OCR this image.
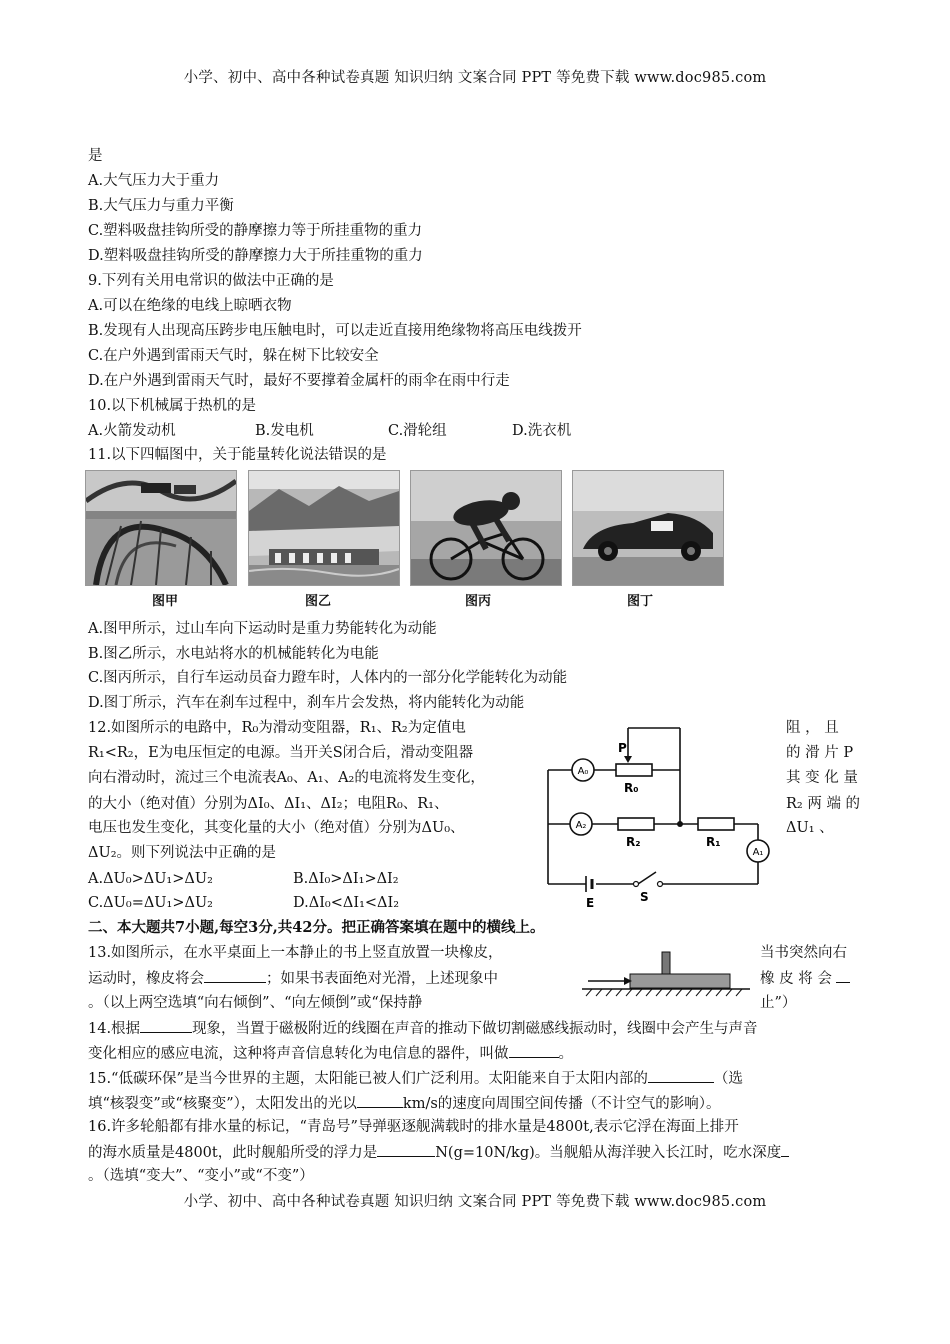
小学、初中、高中各种试卷真题 知识归纳 文案合同 PPT 等免费下载 www.doc985.com
是
A.大气压力大于重力
B.大气压力与重力平衡
C.塑料吸盘挂钩所受的静摩擦力等于所挂重物的重力
D.塑料吸盘挂钩所受的静摩擦力大于所挂重物的重力
9.下列有关用电常识的做法中正确的是
A.可以在绝缘的电线上晾晒衣物
B.发现有人出现高压跨步电压触电时，可以走近直接用绝缘物将高压电线拨开
C.在户外遇到雷雨天气时，躲在树下比较安全
D.在户外遇到雷雨天气时，最好不要撑着金属杆的雨伞在雨中行走
10.以下机械属于热机的是
A.火箭发动机	B.发电机	C.滑轮组	D.洗衣机
11.以下四幅图中，关于能量转化说法错误的是
图甲	图乙	图丙	图丁
A.图甲所示，过山车向下运动时是重力势能转化为动能
B.图乙所示，水电站将水的机械能转化为电能
C.图丙所示，自行车运动员奋力蹬车时，人体内的一部分化学能转化为动能
D.图丁所示，汽车在刹车过程中，刹车片会发热，将内能转化为动能
12.如图所示的电路中，R₀为滑动变阻器，R₁、R₂为定值电	阻 ， 且
R₁<R₂，E为电压恒定的电源。当开关S闭合后，滑动变阻器	的 滑 片 P
向右滑动时，流过三个电流表A₀、A₁、A₂的电流将发生变化，	其 变 化 量
的大小（绝对值）分别为ΔI₀、ΔI₁、ΔI₂；电阻R₀、R₁、	R₂ 两 端 的
电压也发生变化，其变化量的大小（绝对值）分别为ΔU₀、	ΔU₁ 、
ΔU₂。则下列说法中正确的是
A.ΔU₀>ΔU₁>ΔU₂	B.ΔI₀>ΔI₁>ΔI₂
C.ΔU₀=ΔU₁>ΔU₂	D.ΔI₀<ΔI₁<ΔI₂
A₀
A₂
A₁
P
R₀
R₂	R₁
E	S
二、本大题共7小题,每空3分,共42分。把正确答案填在题中的横线上。
13.如图所示，在水平桌面上一本静止的书上竖直放置一块橡皮，	当书突然向右
运动时，橡皮将会	；如果书表面绝对光滑，上述现象中	橡 皮 将 会
。（以上两空选填“向右倾倒”、“向左倾倒”或“保持静	止”）
14.根据	现象，当置于磁极附近的线圈在声音的推动下做切割磁感线振动时，线圈中会产生与声音
变化相应的感应电流，这种将声音信息转化为电信息的器件，叫做	。
15.“低碳环保”是当今世界的主题，太阳能已被人们广泛利用。太阳能来自于太阳内部的	（选
填“核裂变”或“核聚变”），太阳发出的光以	km/s的速度向周围空间传播（不计空气的影响）。
16.许多轮船都有排水量的标记，“青岛号”导弹驱逐舰满载时的排水量是4800t,表示它浮在海面上排开
的海水质量是4800t，此时舰船所受的浮力是	N(g=10N/kg)。当舰船从海洋驶入长江时，吃水深度
小学、初中、高中各种试卷真题 知识归纳 文案合同 PPT 等免费下载 www.doc985.com
。（选填“变大”、“变小”或“不变”）
